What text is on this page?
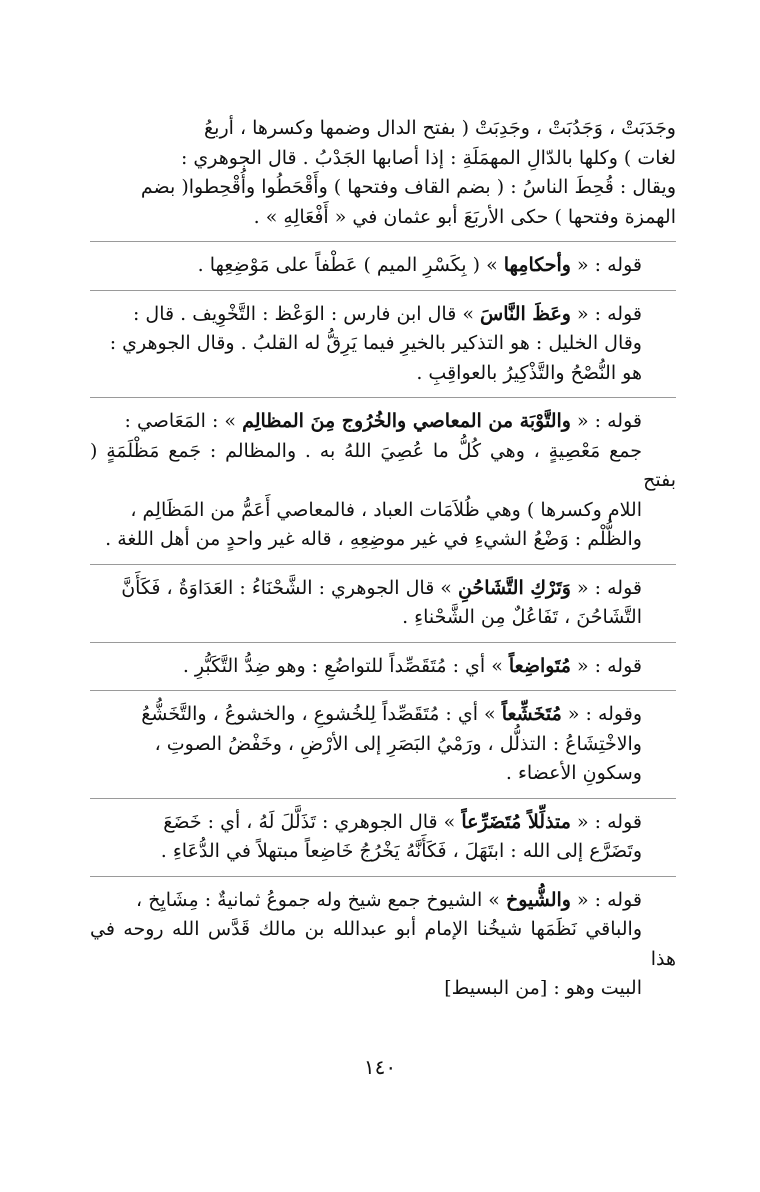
وجَدَبَتْ ، وَجَدُبَتْ ، وجَدِبَتْ ( بفتح الدال وضمها وكسرها ، أربعُ
لغات ) وكلها بالدّالِ المهمَلَةِ : إذا أصابها الجَدْبُ . قال الجوهري :
ويقال : قُحِطَ الناسُ : ( بضم القاف وفتحها ) وأَقْحَطُوا وأُقْحِطوا( بضم
الهمزة وفتحها ) حكى الأربَعَ أبو عثمان في « أَفْعَالِهِ » .

قوله : « وأحكامِها » ( بِكَسْرِ الميم ) عَطْفاً على مَوْضِعِها .

قوله : « وعَظَ النَّاسَ » قال ابن فارس : الوَعْظ : التَّخْوِيف . قال :
وقال الخليل : هو التذكير بالخيرِ فيما يَرِقُّ له القلبُ . وقال الجوهري :
هو النُّصْحُ والتَّذْكِيرُ بالعواقِبِ .

قوله : « والتَّوْبَة من المعاصي والخُرُوج مِنَ المظالِم » : المَعَاصي :
جمع مَعْصِيةٍ ، وهي كُلُّ ما عُصِيَ اللهُ به . والمظالم : جَمع مَظْلَمَةٍ ( بفتح
اللام وكسرها ) وهي ظُلاَمَات العباد ، فالمعاصي أَعَمُّ من المَظَالِم ،
والظُّلْم : وَضْعُ الشيءِ في غير موضِعِهِ ، قاله غير واحدٍ من أهل اللغة .

قوله : « وَتَرْكِ التَّشَاحُنِ » قال الجوهري : الشَّحْنَاءُ : العَدَاوَةُ ، فَكَأَنَّ
التَّشَاحُنَ ، تَفَاعُلٌ مِن الشَّحْناءِ .

قوله : « مُتَواضِعاً » أي : مُتَقَصِّداً للتواضُعِ : وهو ضِدُّ التَّكَبُّرِ .

وقوله : « مُتَخَشِّعاً » أي : مُتَقَصِّداً لِلخُشوعِ ، والخشوعُ ، والتَّخَشُّعُ
والاخْتِشَاعُ : التذلُّل ، ورَمْيُ البَصَرِ إلى الأرْضِ ، وخَفْضُ الصوتِ ،
وسكونِ الأعضاء .

قوله : « متذلِّلاً مُتَضَرِّعاً » قال الجوهري : تَذَلَّلَ لَهُ ، أي : خَضَعَ
وتَضَرَّع إلى الله : ابتَهَلَ ، فَكَأَنَّهُ يَخْرُجُ خَاضِعاً مبتهلاً في الدُّعَاءِ .

قوله : « والشُّيوخ » الشيوخ جمع شيخ وله جموعُ ثمانيةٌ : مِشَايِخ ،
والباقي نَظَمَها شيخُنا الإمام أبو عبدالله بن مالك قَدَّس الله روحه في هذا
البيت وهو : [من البسيط]

١٤٠
